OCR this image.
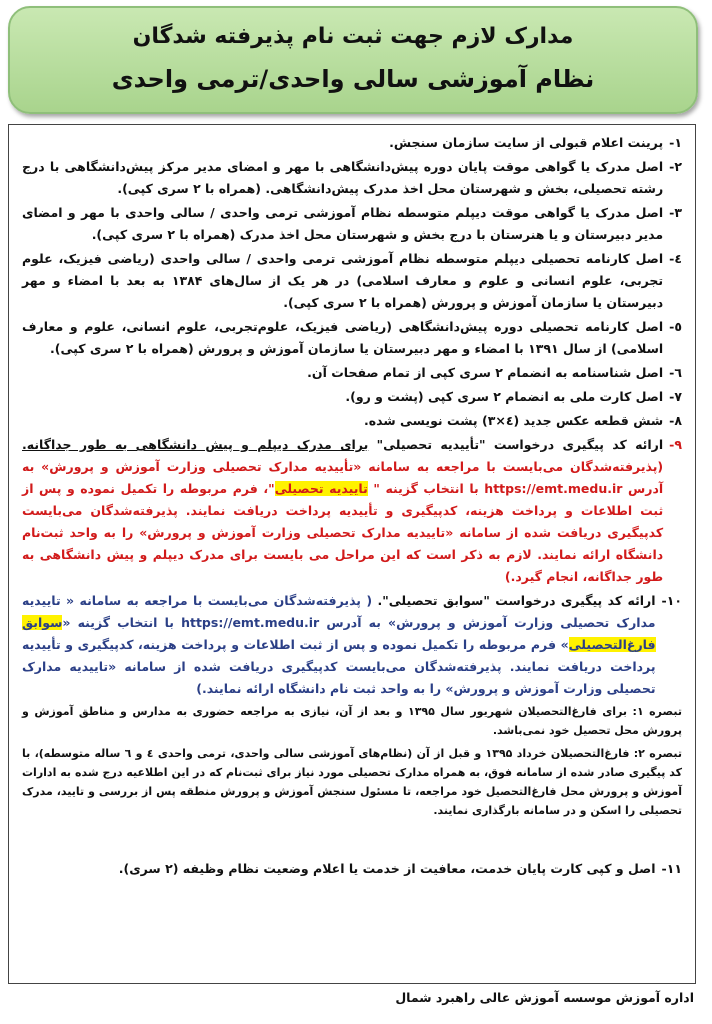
مدارک لازم جهت ثبت نام پذیرفته شدگان
نظام آموزشی سالی واحدی/ترمی واحدی
۱-
پرینت اعلام قبولی از سایت سازمان سنجش.
۲-
اصل مدرک یا گواهی موقت پایان دوره پیش‌دانشگاهی با مهر و امضای مدیر مرکز پیش‌دانشگاهی با درج رشته تحصیلی، بخش و شهرستان محل اخذ مدرک پیش‌دانشگاهی. (همراه با ۲ سری کپی).
۳-
اصل مدرک یا گواهی موقت دیپلم متوسطه نظام آموزشی ترمی واحدی / سالی واحدی با مهر و امضای مدیر دبیرستان و یا هنرستان با درج بخش و شهرستان محل اخذ مدرک (همراه با ۲ سری کپی).
٤-
اصل کارنامه تحصیلی دیپلم متوسطه نظام آموزشی ترمی واحدی / سالی واحدی (ریاضی فیزیک، علوم تجربی، علوم انسانی و علوم و معارف اسلامی) در هر یک از سال‌های ۱۳۸۴ به بعد با امضاء و مهر دبیرستان یا سازمان آموزش و پرورش (همراه با ۲ سری کپی).
٥-
اصل کارنامه تحصیلی دوره پیش‌دانشگاهی (ریاضی فیزیک، علوم‌تجربی، علوم انسانی، علوم و معارف اسلامی) از سال ۱۳۹۱ با امضاء و مهر دبیرستان یا سازمان آموزش و پرورش (همراه با ۲ سری کپی).
٦-
اصل شناسنامه به انضمام ۲ سری کپی از تمام صفحات آن.
۷-
اصل کارت ملی به انضمام ۲ سری کپی (پشت و رو).
۸-
شش قطعه عکس جدید (٤×۳) پشت نویسی شده.
۹-
ارائه کد پیگیری درخواست "تأییدیه تحصیلی" برای مدرک دیپلم و پیش دانشگاهی به طور جداگانه. (پذیرفته‌شدگان می‌بایست با مراجعه به سامانه «تأییدیه مدارک تحصیلی وزارت آموزش و پرورش» به آدرس https://emt.medu.ir با انتخاب گزینه " تاییدیه تحصیلی"، فرم مربوطه را تکمیل نموده و پس از ثبت اطلاعات و پرداخت هزینه، کدپیگیری و تأییدیه پرداخت دریافت نمایند. پذیرفته‌شدگان می‌بایست کدپیگیری دریافت شده از سامانه «تاییدیه مدارک تحصیلی وزارت آموزش و پرورش» را به واحد ثبت‌نام دانشگاه ارائه نمایند. لازم به ذکر است که این مراحل می بایست برای مدرک دیپلم و پیش دانشگاهی به طور جداگانه، انجام گیرد.)
۱۰-
ارائه کد پیگیری درخواست "سوابق تحصیلی". ( پذیرفته‌شدگان می‌بایست با مراجعه به سامانه « تاییدیه مدارک تحصیلی وزارت آموزش و پرورش» به آدرس https://emt.medu.ir با انتخاب گزینه «سوابق فارغ‌التحصیلی» فرم مربوطه را تکمیل نموده و پس از ثبت اطلاعات و پرداخت هزینه، کدپیگیری و تأییدیه پرداخت دریافت نمایند. پذیرفته‌شدگان می‌بایست کدپیگیری دریافت شده از سامانه «تاییدیه مدارک تحصیلی وزارت آموزش و پرورش» را به واحد ثبت نام دانشگاه ارائه نمایند.)
تبصره ۱: برای فارغ‌التحصیلان شهریور سال ۱۳۹۵ و بعد از آن، نیازی به مراجعه حضوری به مدارس و مناطق آموزش و پرورش محل تحصیل خود نمی‌باشد.
تبصره ۲: فارغ‌التحصیلان خرداد ۱۳۹۵ و قبل از آن (نظام‌های آموزشی سالی واحدی، ترمی واحدی ٤ و ٦ ساله متوسطه)، با کد پیگیری صادر شده از سامانه فوق، به همراه مدارک تحصیلی مورد نیاز برای ثبت‌نام که در این اطلاعیه درج شده به ادارات آموزش و پرورش محل فارغ‌التحصیل خود مراجعه، تا مسئول سنجش آموزش و پرورش منطقه پس از بررسی و تایید، مدرک تحصیلی را اسکن و در سامانه بارگذاری نمایند.
۱۱-
اصل و کپی کارت پایان خدمت، معافیت از خدمت یا اعلام وضعیت نظام وظیفه (۲ سری).
اداره آموزش موسسه آموزش عالی راهبرد شمال
